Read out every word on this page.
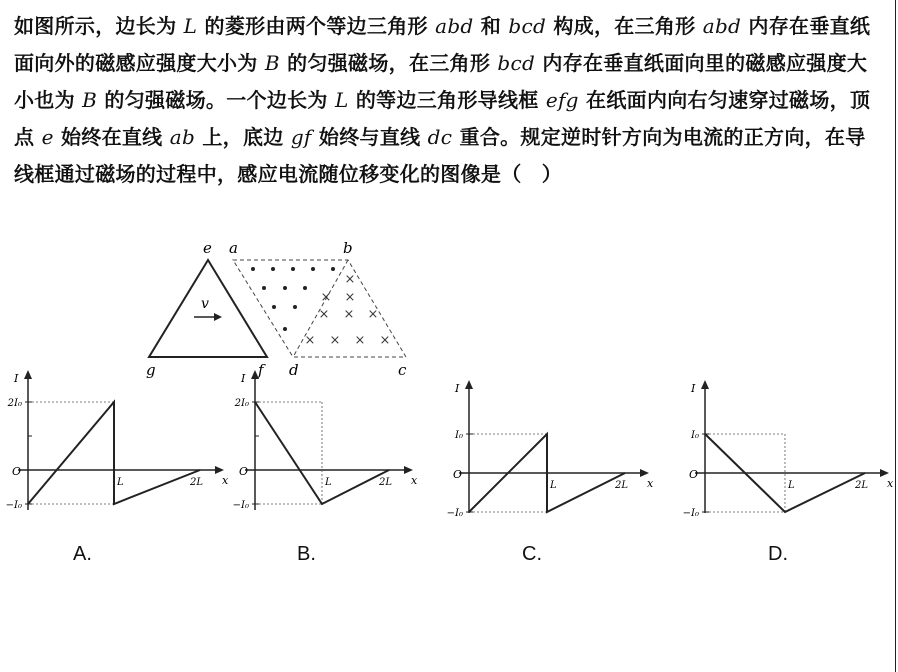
如图所示，边长为 L 的菱形由两个等边三角形 abd 和 bcd 构成，在三角形 abd 内存在垂直纸面向外的磁感应强度大小为 B 的匀强磁场，在三角形 bcd 内存在垂直纸面向里的磁感应强度大小也为 B 的匀强磁场。一个边长为 L 的等边三角形导线框 efg 在纸面内向右匀速穿过磁场，顶点 e 始终在直线 ab 上，底边 gf 始终与直线 dc 重合。规定逆时针方向为电流的正方向，在导线框通过磁场的过程中，感应电流随位移变化的图像是（　）

v
e
g	f
a	b
d	c
×
× ×
× × ×
× × × ×
I
x
O
2I₀
−I₀
L	2L
I
x
O
2I₀
−I₀
L	2L
I
x
O
I₀
−I₀
L	2L
I
x
O
I₀
−I₀
L	2L
A.	B.	C.	D.
